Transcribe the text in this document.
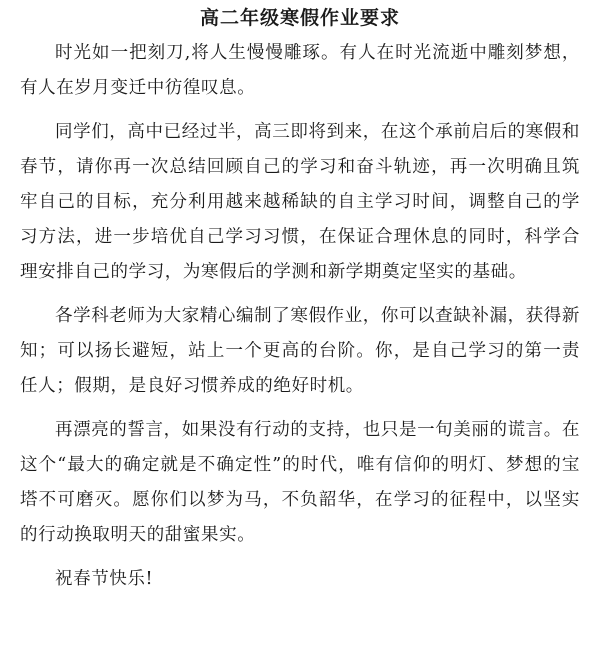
高二年级寒假作业要求

时光如一把刻刀,将人生慢慢雕琢。有人在时光流逝中雕刻梦想，有人在岁月变迁中彷徨叹息。

同学们，高中已经过半，高三即将到来，在这个承前启后的寒假和春节，请你再一次总结回顾自己的学习和奋斗轨迹，再一次明确且筑牢自己的目标，充分利用越来越稀缺的自主学习时间，调整自己的学习方法，进一步培优自己学习习惯，在保证合理休息的同时，科学合理安排自己的学习，为寒假后的学测和新学期奠定坚实的基础。

各学科老师为大家精心编制了寒假作业，你可以查缺补漏，获得新知；可以扬长避短，站上一个更高的台阶。你，是自己学习的第一责任人；假期，是良好习惯养成的绝好时机。

再漂亮的誓言，如果没有行动的支持，也只是一句美丽的谎言。在这个“最大的确定就是不确定性”的时代，唯有信仰的明灯、梦想的宝塔不可磨灭。愿你们以梦为马，不负韶华，在学习的征程中，以坚实的行动换取明天的甜蜜果实。

祝春节快乐!
